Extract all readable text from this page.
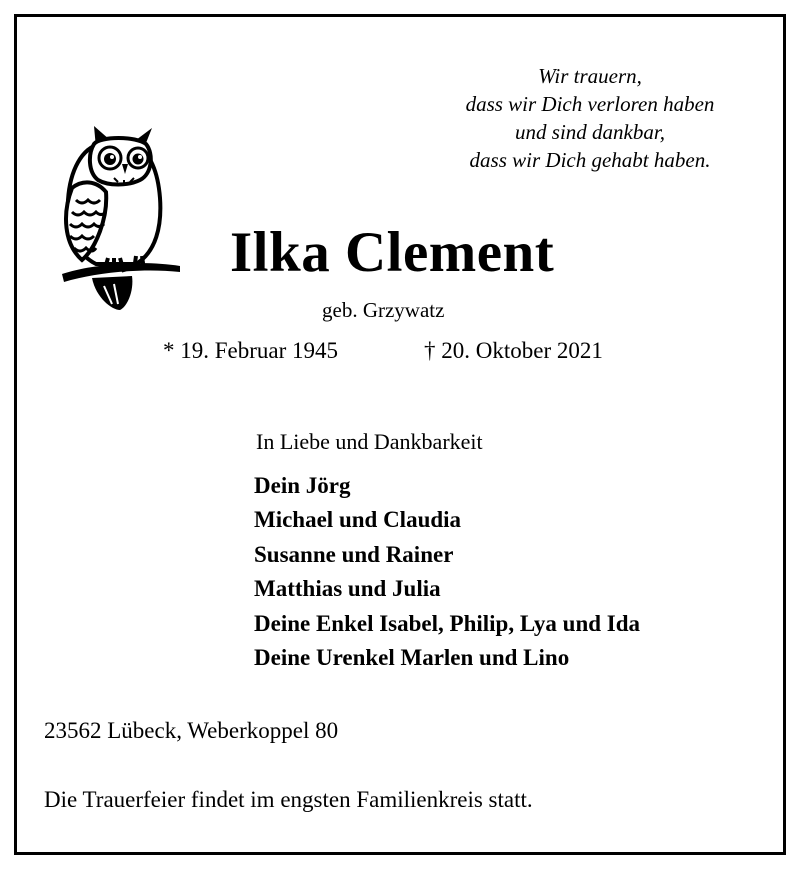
Wir trauern,
dass wir Dich verloren haben
und sind dankbar,
dass wir Dich gehabt haben.
Ilka Clement
geb. Grzywatz
* 19. Februar 1945	† 20. Oktober 2021
In Liebe und Dankbarkeit
Dein Jörg
Michael und Claudia
Susanne und Rainer
Matthias und Julia
Deine Enkel Isabel, Philip, Lya und Ida
Deine Urenkel Marlen und Lino
23562 Lübeck, Weberkoppel 80
Die Trauerfeier findet im engsten Familienkreis statt.
